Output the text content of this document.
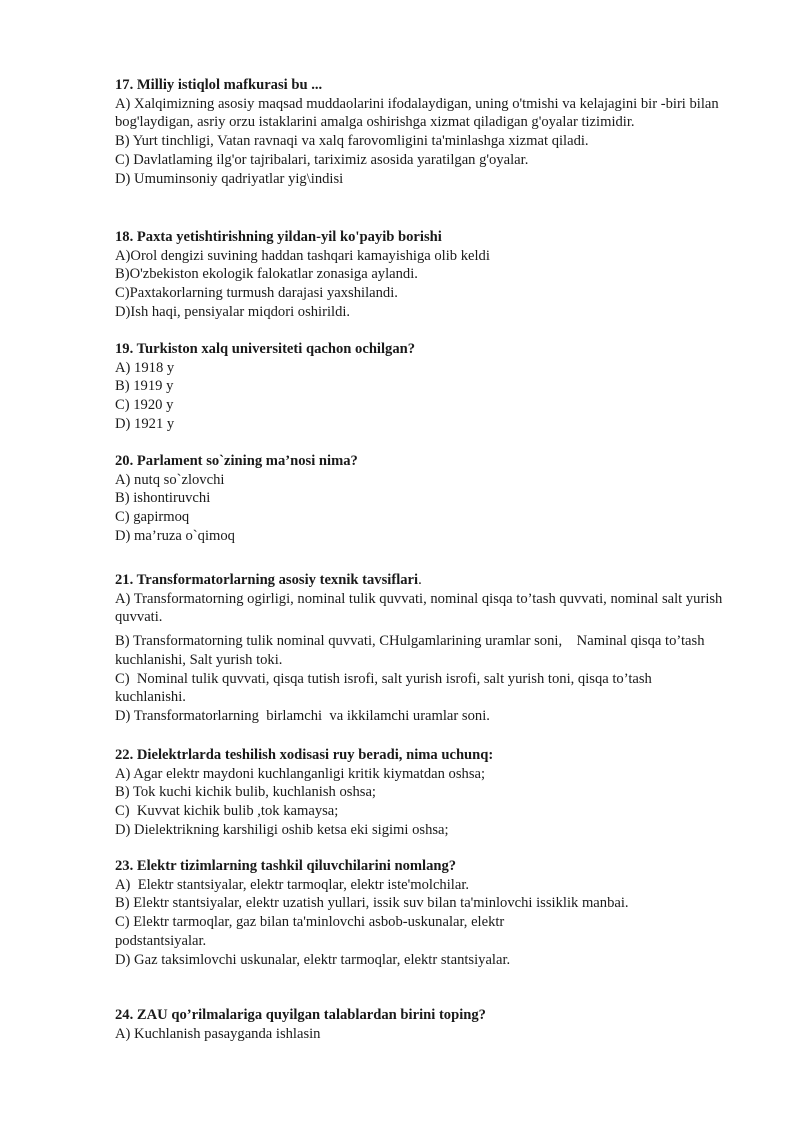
17. Milliy istiqlol mafkurasi bu ...

A) Xalqimizning asosiy maqsad muddaolarini ifodalaydigan, uning o'tmishi va kelajagini bir -biri bilan bog'laydigan, asriy orzu istaklarini amalga oshirishga xizmat qiladigan g'oyalar tizimidir.

B) Yurt tinchligi, Vatan ravnaqi va xalq farovomligini ta'minlashga xizmat qiladi.

C) Davlatlaming ilg'or tajribalari, tariximiz asosida yaratilgan g'oyalar.

D) Umuminsoniy qadriyatlar yig\indisi

18. Paxta yetishtirishning yildan-yil ko'payib borishi

A)Orol dengizi suvining haddan tashqari kamayishiga olib keldi

B)O'zbekiston ekologik falokatlar zonasiga aylandi.

C)Paxtakorlarning turmush darajasi yaxshilandi.

D)Ish haqi, pensiyalar miqdori oshirildi.

19. Turkiston xalq universiteti qachon ochilgan?

A) 1918 y

B) 1919 y

C) 1920 y

D) 1921 y

20. Parlament so`zining ma’nosi nima?

A) nutq so`zlovchi

B) ishontiruvchi

C) gapirmoq

D) ma’ruza o`qimoq

21. Transformatorlarning asosiy texnik tavsiflari.

A) Transformatorning ogirligi, nominal tulik quvvati, nominal qisqa to’tash quvvati, nominal salt yurish quvvati.

B) Transformatorning tulik nominal quvvati, CHulgamlarining uramlar soni,    Naminal qisqa to’tash kuchlanishi, Salt yurish toki.

C)  Nominal tulik quvvati, qisqa tutish isrofi, salt yurish isrofi, salt yurish toni, qisqa to’tash kuchlanishi.

D) Transformatorlarning  birlamchi  va ikkilamchi uramlar soni.

22. Dielektrlarda teshilish xodisasi ruy beradi, nima uchunq:

A) Agar elektr maydoni kuchlanganligi kritik kiymatdan oshsa;

B) Tok kuchi kichik bulib, kuchlanish oshsa;

C)  Kuvvat kichik bulib ,tok kamaysa;

D) Dielektrikning karshiligi oshib ketsa eki sigimi oshsa;

23. Elektr tizimlarning tashkil qiluvchilarini nomlang?

A)  Elektr stantsiyalar, elektr tarmoqlar, elektr iste'molchilar.

B) Elektr stantsiyalar, elektr uzatish yullari, issik suv bilan ta'minlovchi issiklik manbai.

C) Elektr tarmoqlar, gaz bilan ta'minlovchi asbob-uskunalar, elektr podstantsiyalar.

D) Gaz taksimlovchi uskunalar, elektr tarmoqlar, elektr stantsiyalar.

24. ZAU qo’rilmalariga quyilgan talablardan birini toping?

A) Kuchlanish pasayganda ishlasin
